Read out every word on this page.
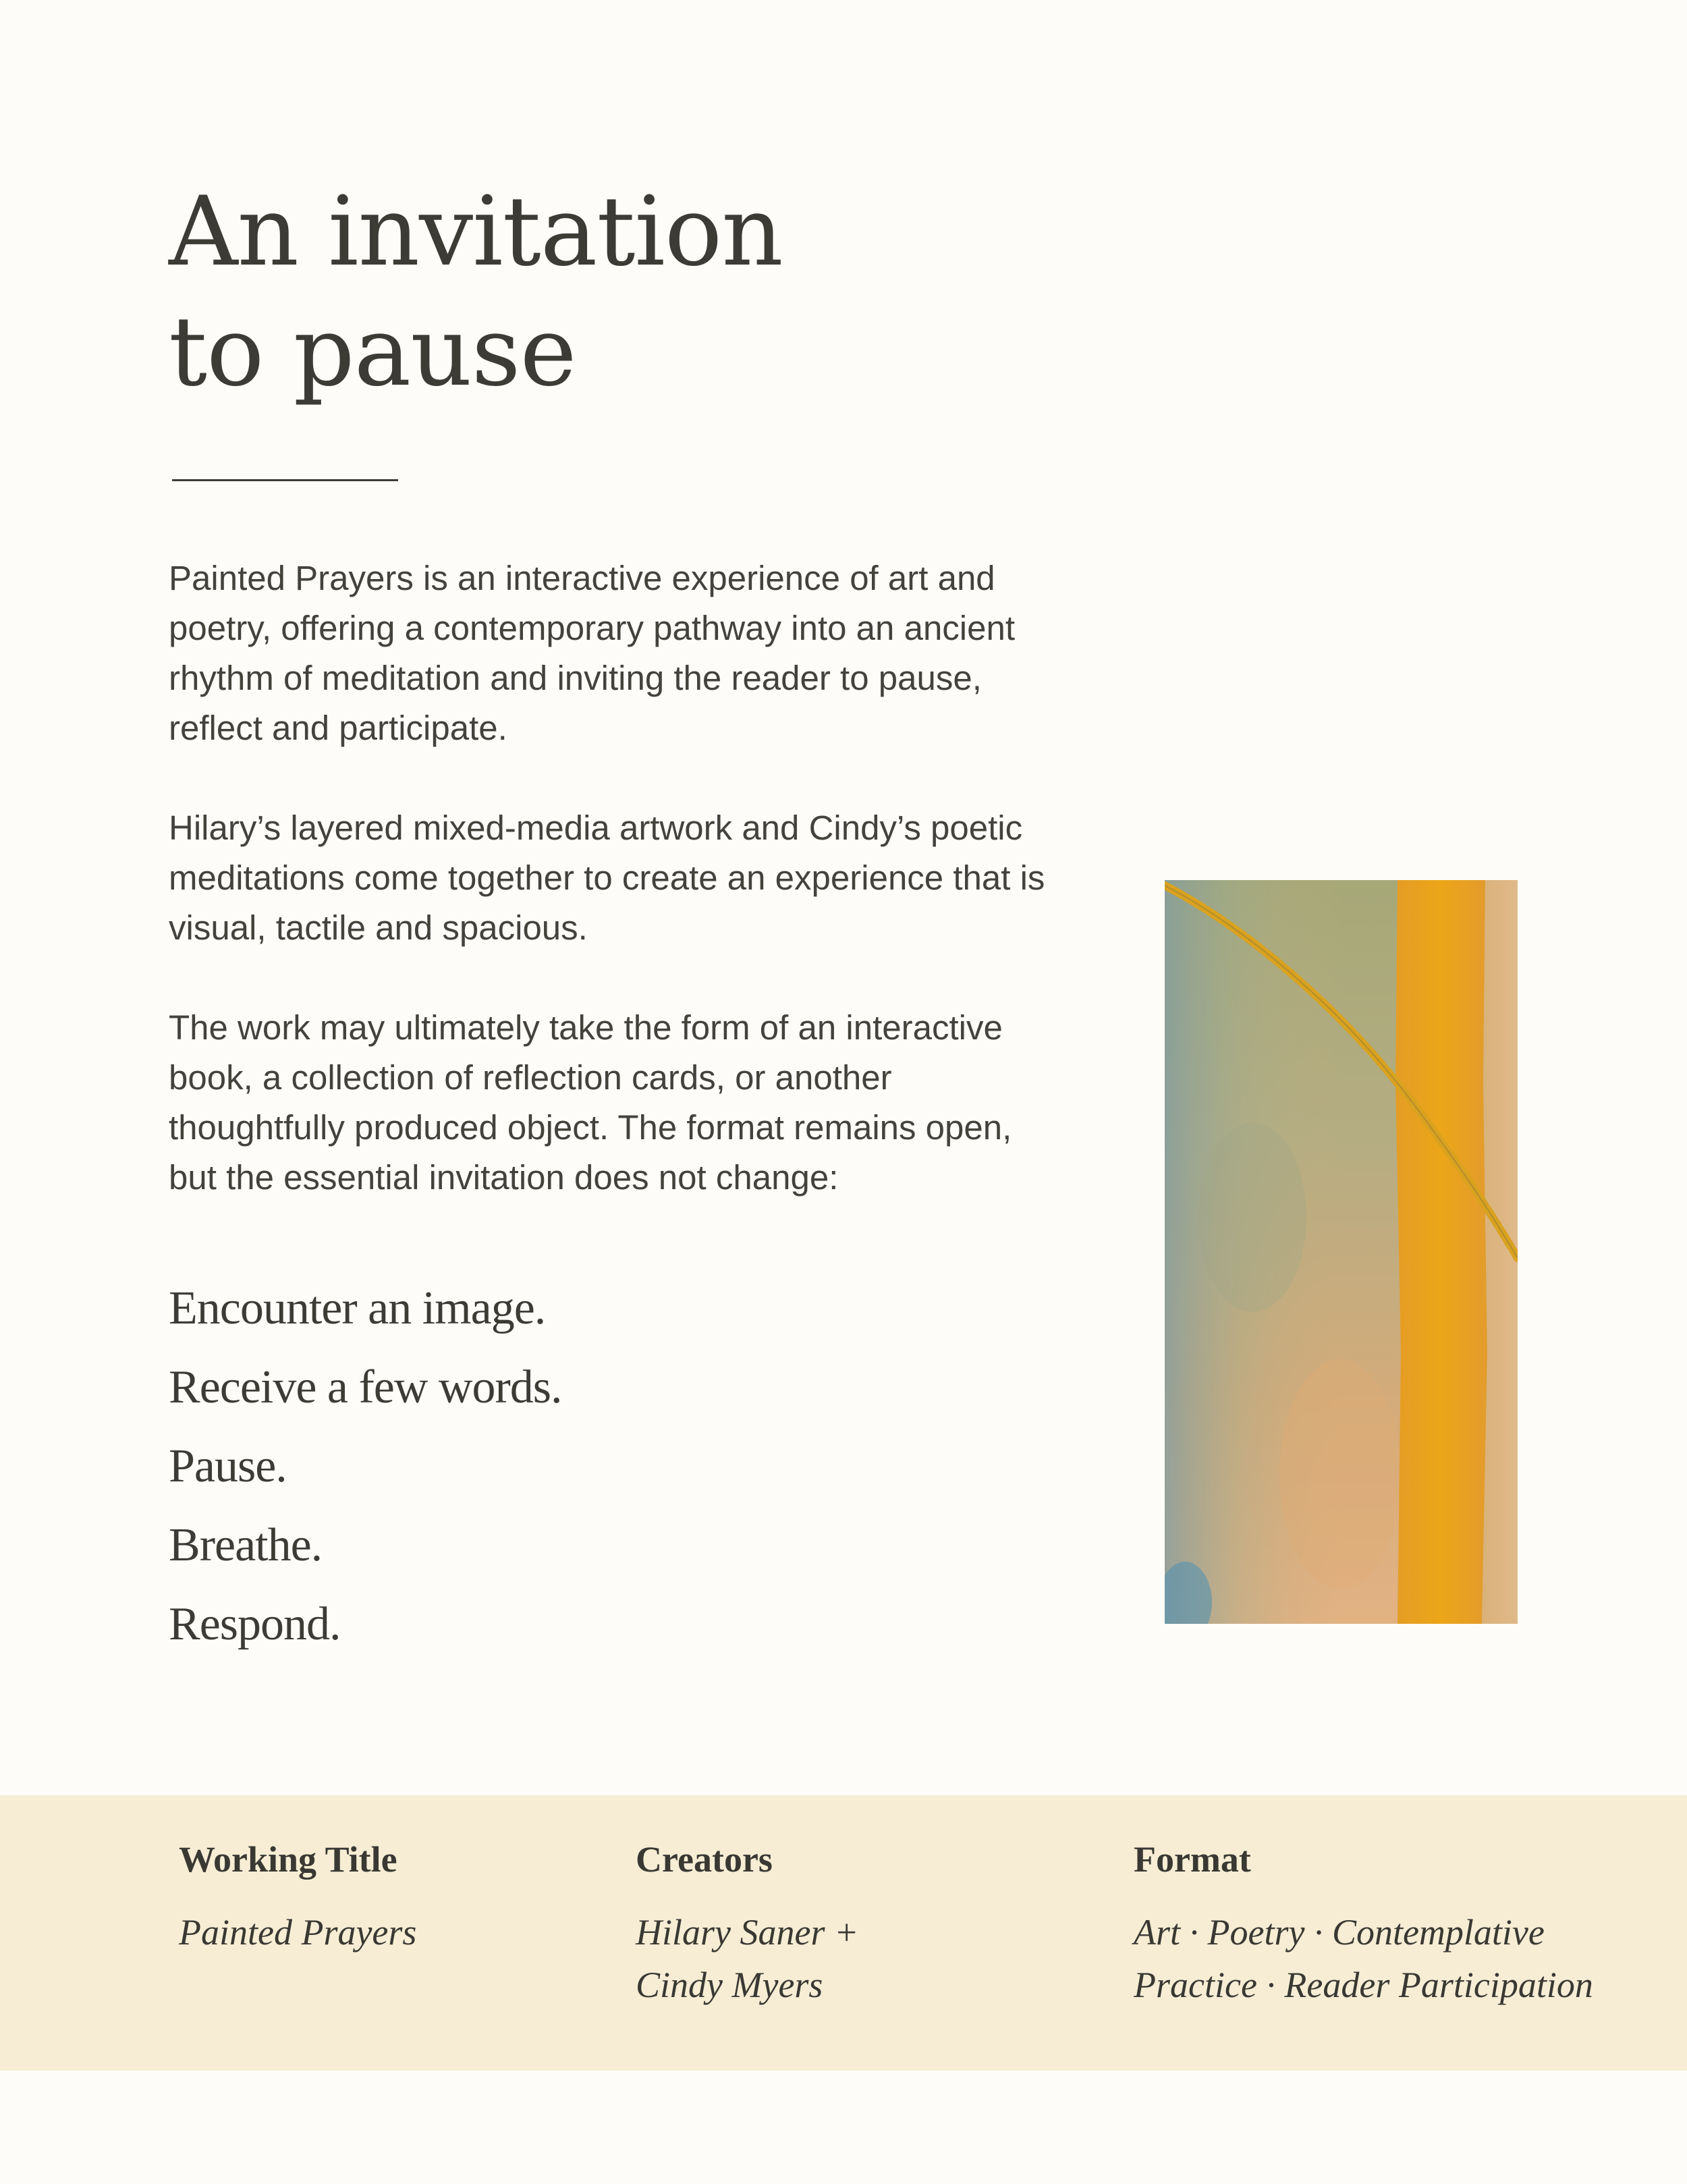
An invitation
to pause

Painted Prayers is an interactive experience of art and poetry, offering a contemporary pathway into an ancient rhythm of meditation and inviting the reader to pause, reflect and participate.

Hilary’s layered mixed-media artwork and Cindy’s poetic meditations come together to create an experience that is visual, tactile and spacious.

The work may ultimately take the form of an interactive book, a collection of reflection cards, or another thoughtfully produced object. The format remains open, but the essential invitation does not change:

Encounter an image.
Receive a few words.
Pause.
Breathe.
Respond.
Working Title
Painted Prayers
Creators
Hilary Saner +
Cindy Myers
Format
Art · Poetry · Contemplative
Practice · Reader Participation
